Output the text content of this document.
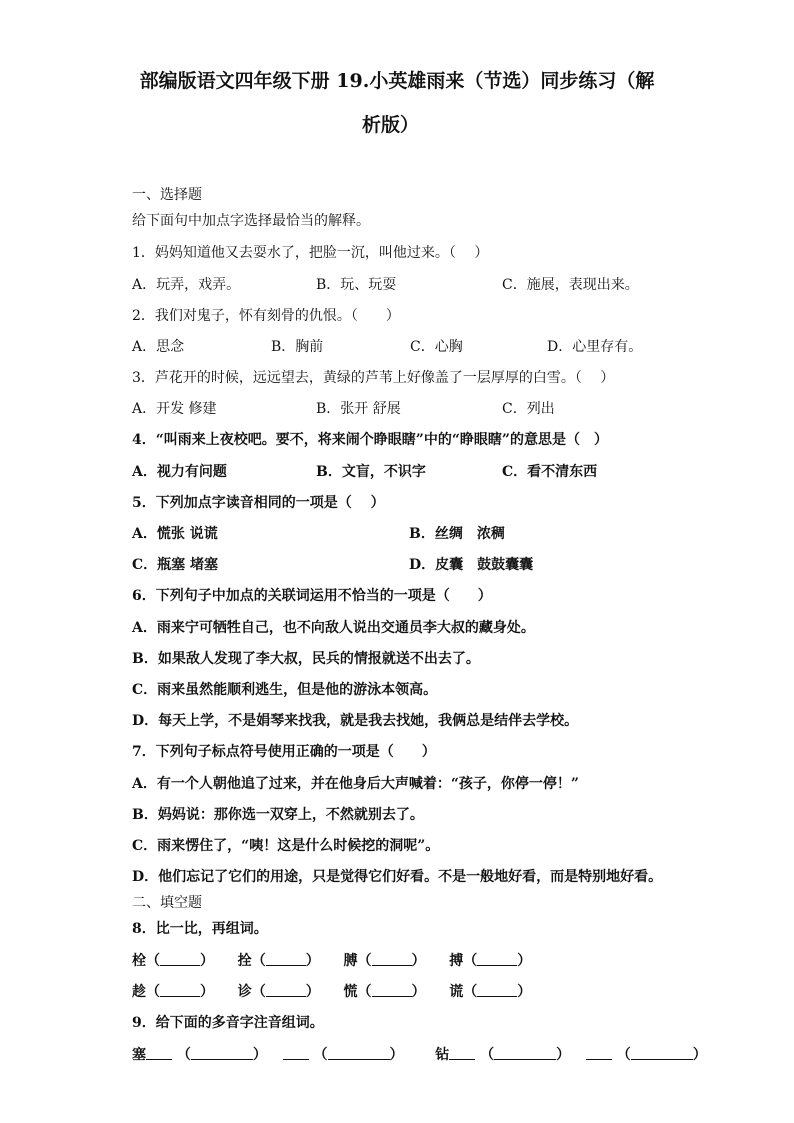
部编版语文四年级下册 19.小英雄雨来（节选）同步练习（解
析版）
一、选择题
给下面句中加点字选择最恰当的解释。
1．妈妈知道他又去耍水了，把脸一沉，叫他过来。（　 ）
A．玩弄，戏弄。	B．玩、玩耍	C．施展，表现出来。
2．我们对鬼子，怀有刻骨的仇恨。（　　）
A．思念	B．胸前	C．心胸	D．心里存有。
3．芦花开的时候，远远望去，黄绿的芦苇上好像盖了一层厚厚的白雪。（　 ）
A．开发 修建	B．张开 舒展	C．列出
4．“叫雨来上夜校吧。要不，将来闹个睁眼瞎”中的“睁眼瞎”的意思是（　）
A．视力有问题	B．文盲，不识字	C．看不清东西
5．下列加点字读音相同的一项是（　 ）
A．慌张 说谎	B．丝绸　浓稠
C．瓶塞 堵塞	D．皮囊　鼓鼓囊囊
6．下列句子中加点的关联词运用不恰当的一项是（　　）
A．雨来宁可牺牲自己，也不向敌人说出交通员李大叔的藏身处。
B．如果敌人发现了李大叔，民兵的情报就送不出去了。
C．雨来虽然能顺利逃生，但是他的游泳本领高。
D．每天上学，不是娟琴来找我，就是我去找她，我俩总是结伴去学校。
7．下列句子标点符号使用正确的一项是（　　）
A．有一个人朝他追了过来，并在他身后大声喊着：“孩子，你停一停！”
B．妈妈说：那你选一双穿上，不然就别去了。
C．雨来愣住了，“咦！这是什么时候挖的洞呢”。
D．他们忘记了它们的用途，只是觉得它们好看。不是一般地好看，而是特别地好看。
二、填空题
8．比一比，再组词。
栓（	） 拴（	） 膊（	） 搏（	）
趁（	） 诊（	） 慌（	） 谎（	）
9．给下面的多音字注音组词。
塞 （	）	（	） 钻 （	）	（	）
